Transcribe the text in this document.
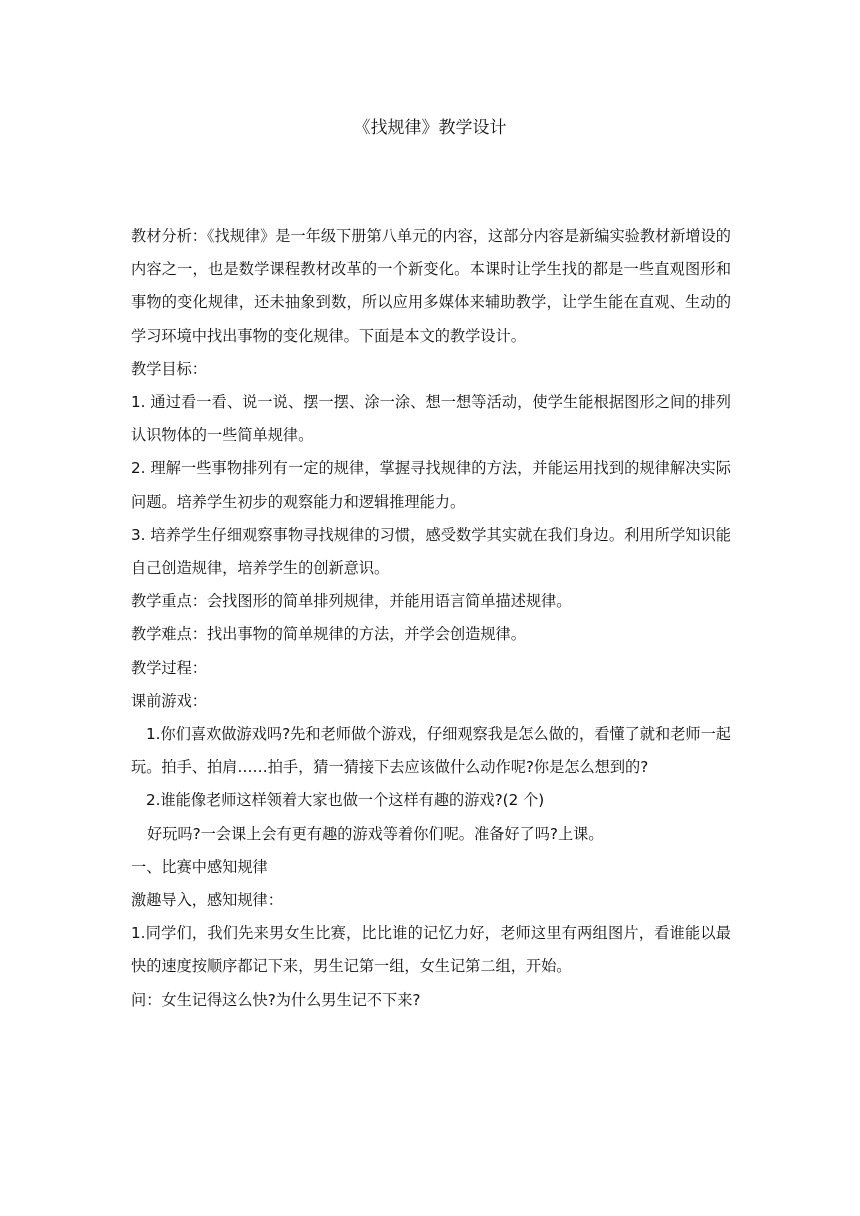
《找规律》教学设计

教材分析：《找规律》是一年级下册第八单元的内容，这部分内容是新编实验教材新增设的内容之一，也是数学课程教材改革的一个新变化。本课时让学生找的都是一些直观图形和事物的变化规律，还未抽象到数，所以应用多媒体来辅助教学，让学生能在直观、生动的学习环境中找出事物的变化规律。下面是本文的教学设计。

教学目标：

1. 通过看一看、说一说、摆一摆、涂一涂、想一想等活动，使学生能根据图形之间的排列认识物体的一些简单规律。

2. 理解一些事物排列有一定的规律，掌握寻找规律的方法，并能运用找到的规律解决实际问题。培养学生初步的观察能力和逻辑推理能力。

3. 培养学生仔细观察事物寻找规律的习惯，感受数学其实就在我们身边。利用所学知识能自己创造规律，培养学生的创新意识。

教学重点：会找图形的简单排列规律，并能用语言简单描述规律。

教学难点：找出事物的简单规律的方法，并学会创造规律。

教学过程：

课前游戏：

1.你们喜欢做游戏吗?先和老师做个游戏，仔细观察我是怎么做的，看懂了就和老师一起玩。拍手、拍肩……拍手，猜一猜接下去应该做什么动作呢?你是怎么想到的?

2.谁能像老师这样领着大家也做一个这样有趣的游戏?(2 个)

好玩吗?一会课上会有更有趣的游戏等着你们呢。准备好了吗?上课。

一、比赛中感知规律

激趣导入，感知规律：

1.同学们，我们先来男女生比赛，比比谁的记忆力好，老师这里有两组图片，看谁能以最快的速度按顺序都记下来，男生记第一组，女生记第二组，开始。

问：女生记得这么快?为什么男生记不下来?
